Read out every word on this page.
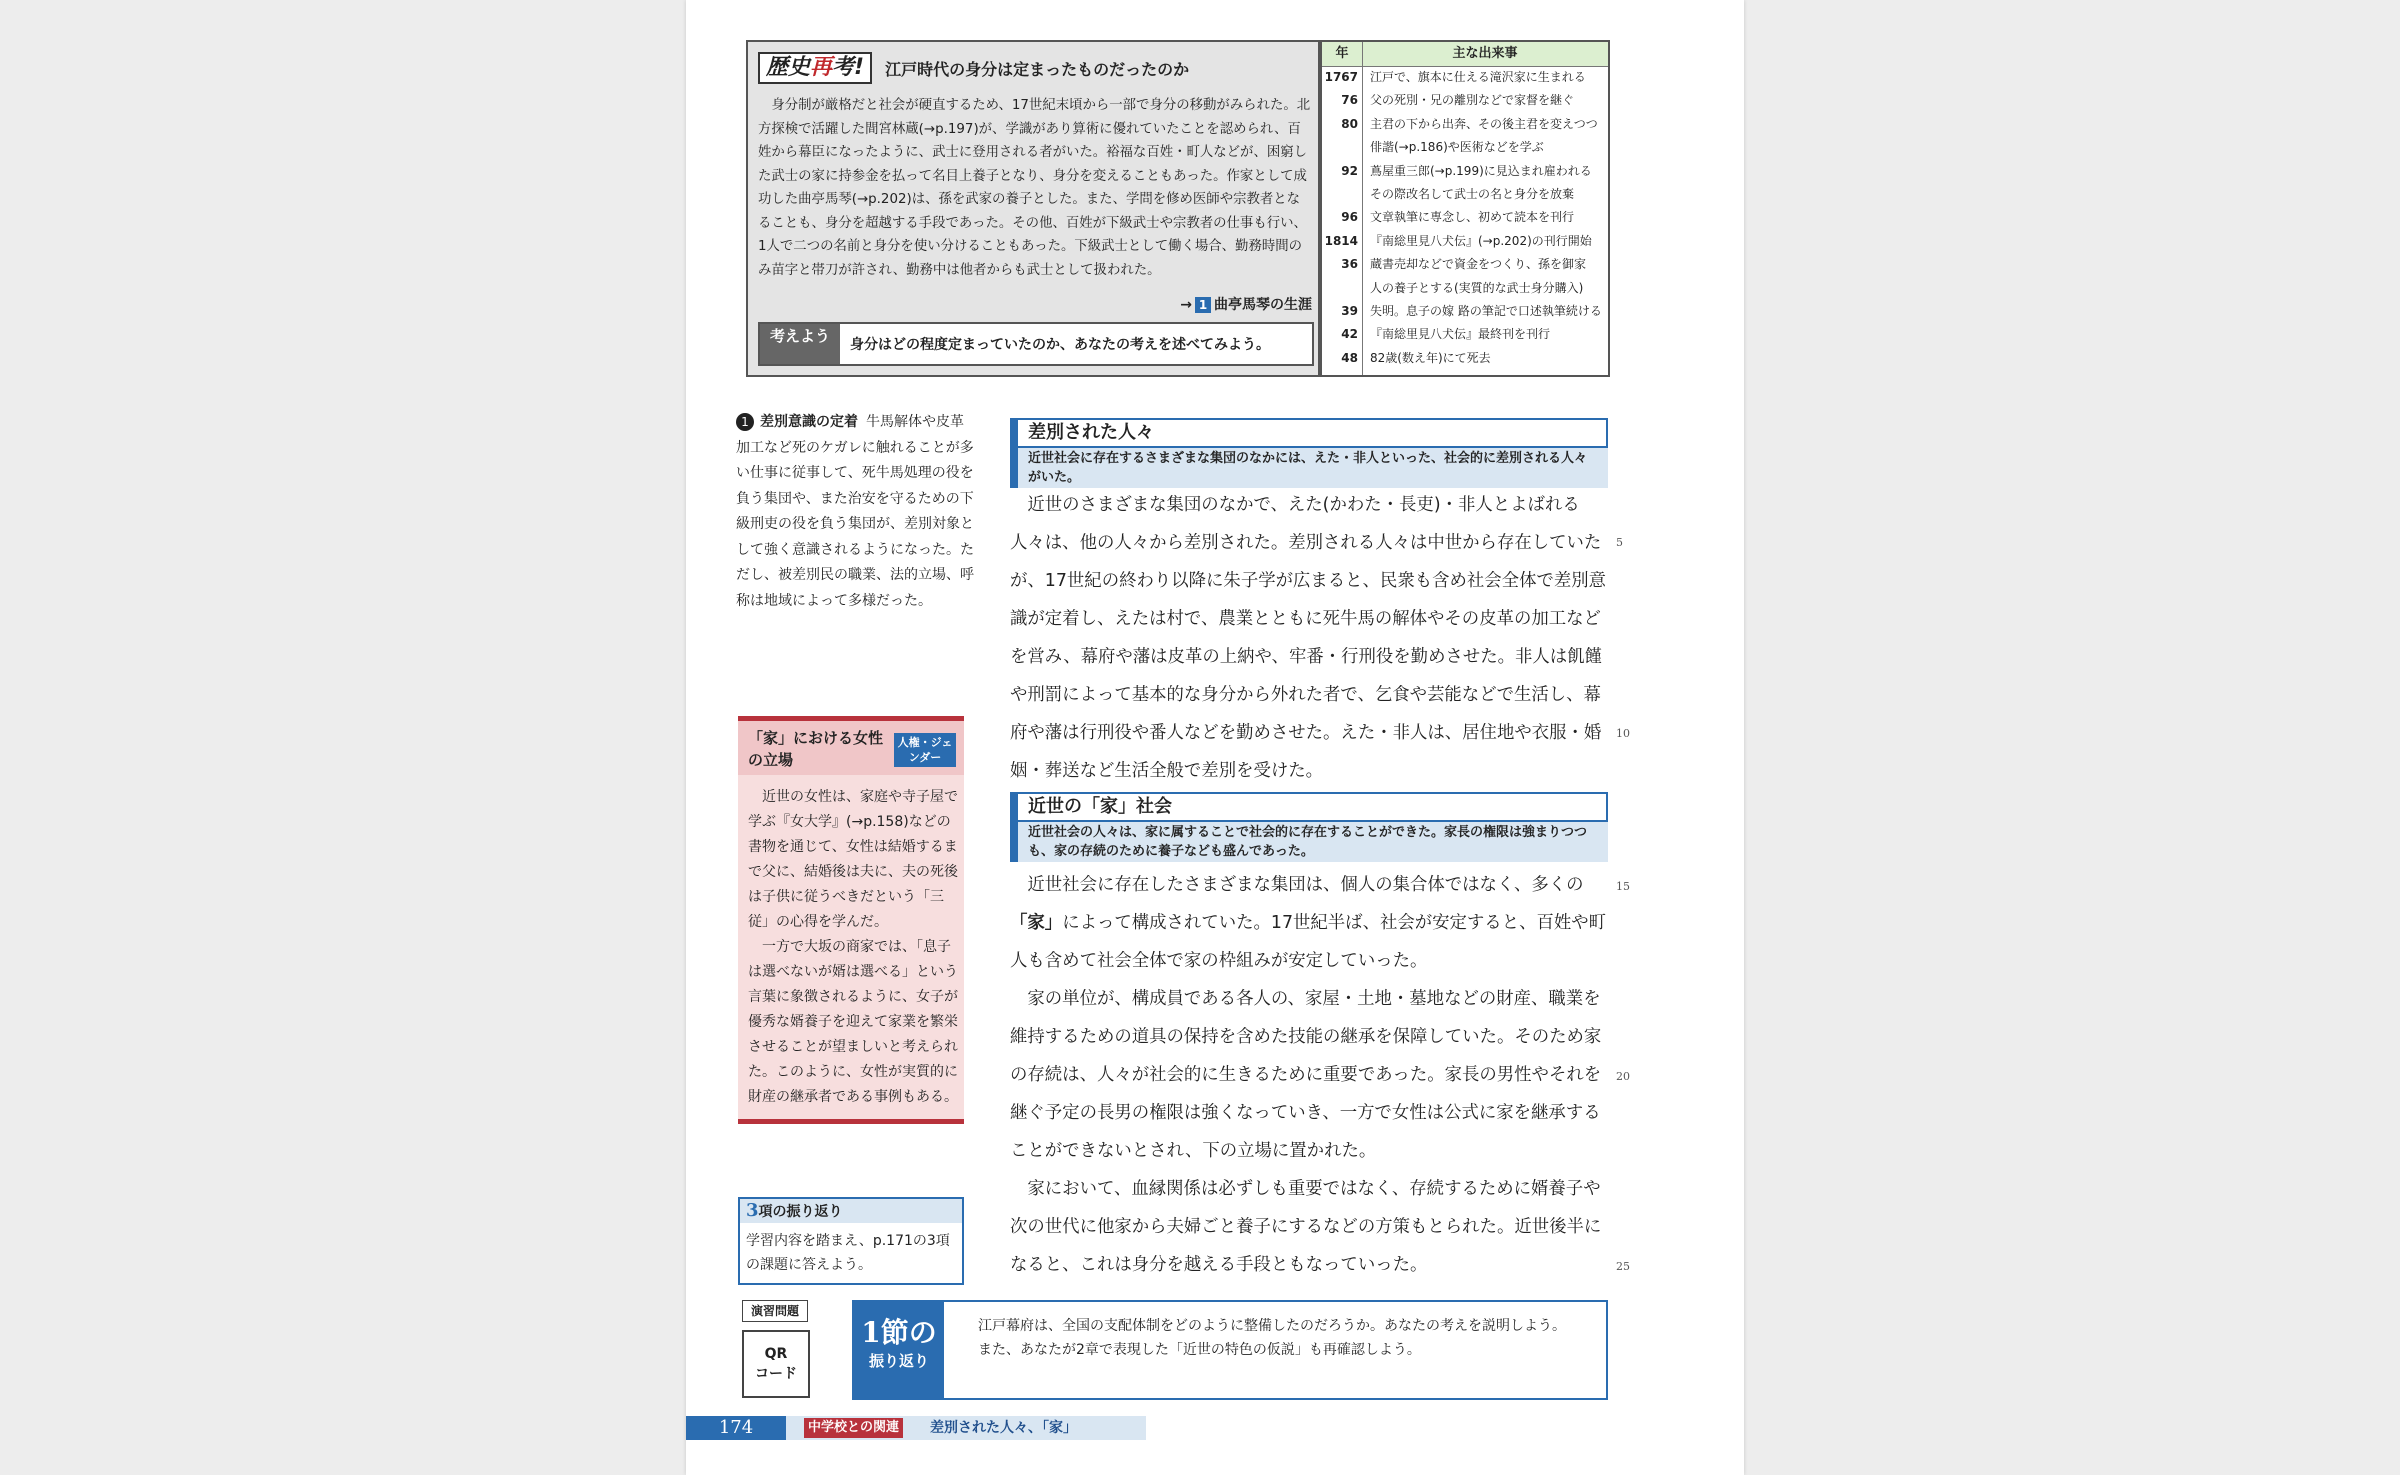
歴史再考! 江戸時代の身分は定まったものだったのか
身分制が厳格だと社会が硬直するため、17世紀末頃から一部で身分の移動がみられた。北方探検で活躍した間宮林蔵(→p.197)が、学識があり算術に優れていたことを認められ、百姓から幕臣になったように、武士に登用される者がいた。裕福な百姓・町人などが、困窮した武士の家に持参金を払って名目上養子となり、身分を変えることもあった。作家として成功した曲亭馬琴(→p.202)は、孫を武家の養子とした。また、学問を修め医師や宗教者となることも、身分を超越する手段であった。その他、百姓が下級武士や宗教者の仕事も行い、1人で二つの名前と身分を使い分けることもあった。下級武士として働く場合、勤務時間のみ苗字と帯刀が許され、勤務中は他者からも武士として扱われた。
→ 1 曲亭馬琴の生涯
考えよう	身分はどの程度定まっていたのか、あなたの考えを述べてみよう。
年	主な出来事
1767 江戸で、旗本に仕える滝沢家に生まれる
76 父の死別・兄の離別などで家督を継ぐ
80 主君の下から出奔、その後主君を変えつつ
俳諧(→p.186)や医術などを学ぶ
92 蔦屋重三郎(→p.199)に見込まれ雇われる
その際改名して武士の名と身分を放棄
96 文章執筆に専念し、初めて読本を刊行
1814 『南総里見八犬伝』(→p.202)の刊行開始
36 蔵書売却などで資金をつくり、孫を御家
人の養子とする(実質的な武士身分購入)
39 失明。息子の嫁 路の筆記で口述執筆続ける
42 『南総里見八犬伝』最終刊を刊行
48 82歳(数え年)にて死去
1 差別意識の定着 牛馬解体や皮革加工など死のケガレに触れることが多い仕事に従事して、死牛馬処理の役を負う集団や、また治安を守るための下級刑吏の役を負う集団が、差別対象として強く意識されるようになった。ただし、被差別民の職業、法的立場、呼称は地域によって多様だった。
「家」における女性の立場
人権・ジェンダー

近世の女性は、家庭や寺子屋で学ぶ『女大学』(→p.158)などの書物を通じて、女性は結婚するまで父に、結婚後は夫に、夫の死後は子供に従うべきだという「三従」の心得を学んだ。

一方で大坂の商家では、「息子は選べないが婿は選べる」という言葉に象徴されるように、女子が優秀な婿養子を迎えて家業を繁栄させることが望ましいと考えられた。このように、女性が実質的に財産の継承者である事例もある。

3項の振り返り
学習内容を踏まえ、p.171の3項の課題に答えよう。
差別された人々
近世社会に存在するさまざまな集団のなかには、えた・非人といった、社会的に差別される人々がいた。

近世のさまざまな集団のなかで、えた(かわた・長吏)・非人とよばれる人々は、他の人々から差別された。差別される人々は中世から存在していたが、17世紀の終わり以降に朱子学が広まると、民衆も含め社会全体で差別意識が定着し、えたは村で、農業とともに死牛馬の解体やその皮革の加工などを営み、幕府や藩は皮革の上納や、牢番・行刑役を勤めさせた。非人は飢饉や刑罰によって基本的な身分から外れた者で、乞食や芸能などで生活し、幕府や藩は行刑役や番人などを勤めさせた。えた・非人は、居住地や衣服・婚姻・葬送など生活全般で差別を受けた。

近世の「家」社会
近世社会の人々は、家に属することで社会的に存在することができた。家長の権限は強まりつつも、家の存続のために養子なども盛んであった。

近世社会に存在したさまざまな集団は、個人の集合体ではなく、多くの「家」によって構成されていた。17世紀半ば、社会が安定すると、百姓や町人も含めて社会全体で家の枠組みが安定していった。

家の単位が、構成員である各人の、家屋・土地・墓地などの財産、職業を維持するための道具の保持を含めた技能の継承を保障していた。そのため家の存続は、人々が社会的に生きるために重要であった。家長の男性やそれを継ぐ予定の長男の権限は強くなっていき、一方で女性は公式に家を継承することができないとされ、下の立場に置かれた。

家において、血縁関係は必ずしも重要ではなく、存続するために婿養子や次の世代に他家から夫婦ごと養子にするなどの方策もとられた。近世後半になると、これは身分を越える手段ともなっていった。

5
10
15
20
25
演習問題
QR
コード
1節の
振り返り

江戸幕府は、全国の支配体制をどのように整備したのだろうか。あなたの考えを説明しよう。

また、あなたが2章で表現した「近世の特色の仮説」も再確認しよう。

174	中学校との関連 差別された人々、「家」
